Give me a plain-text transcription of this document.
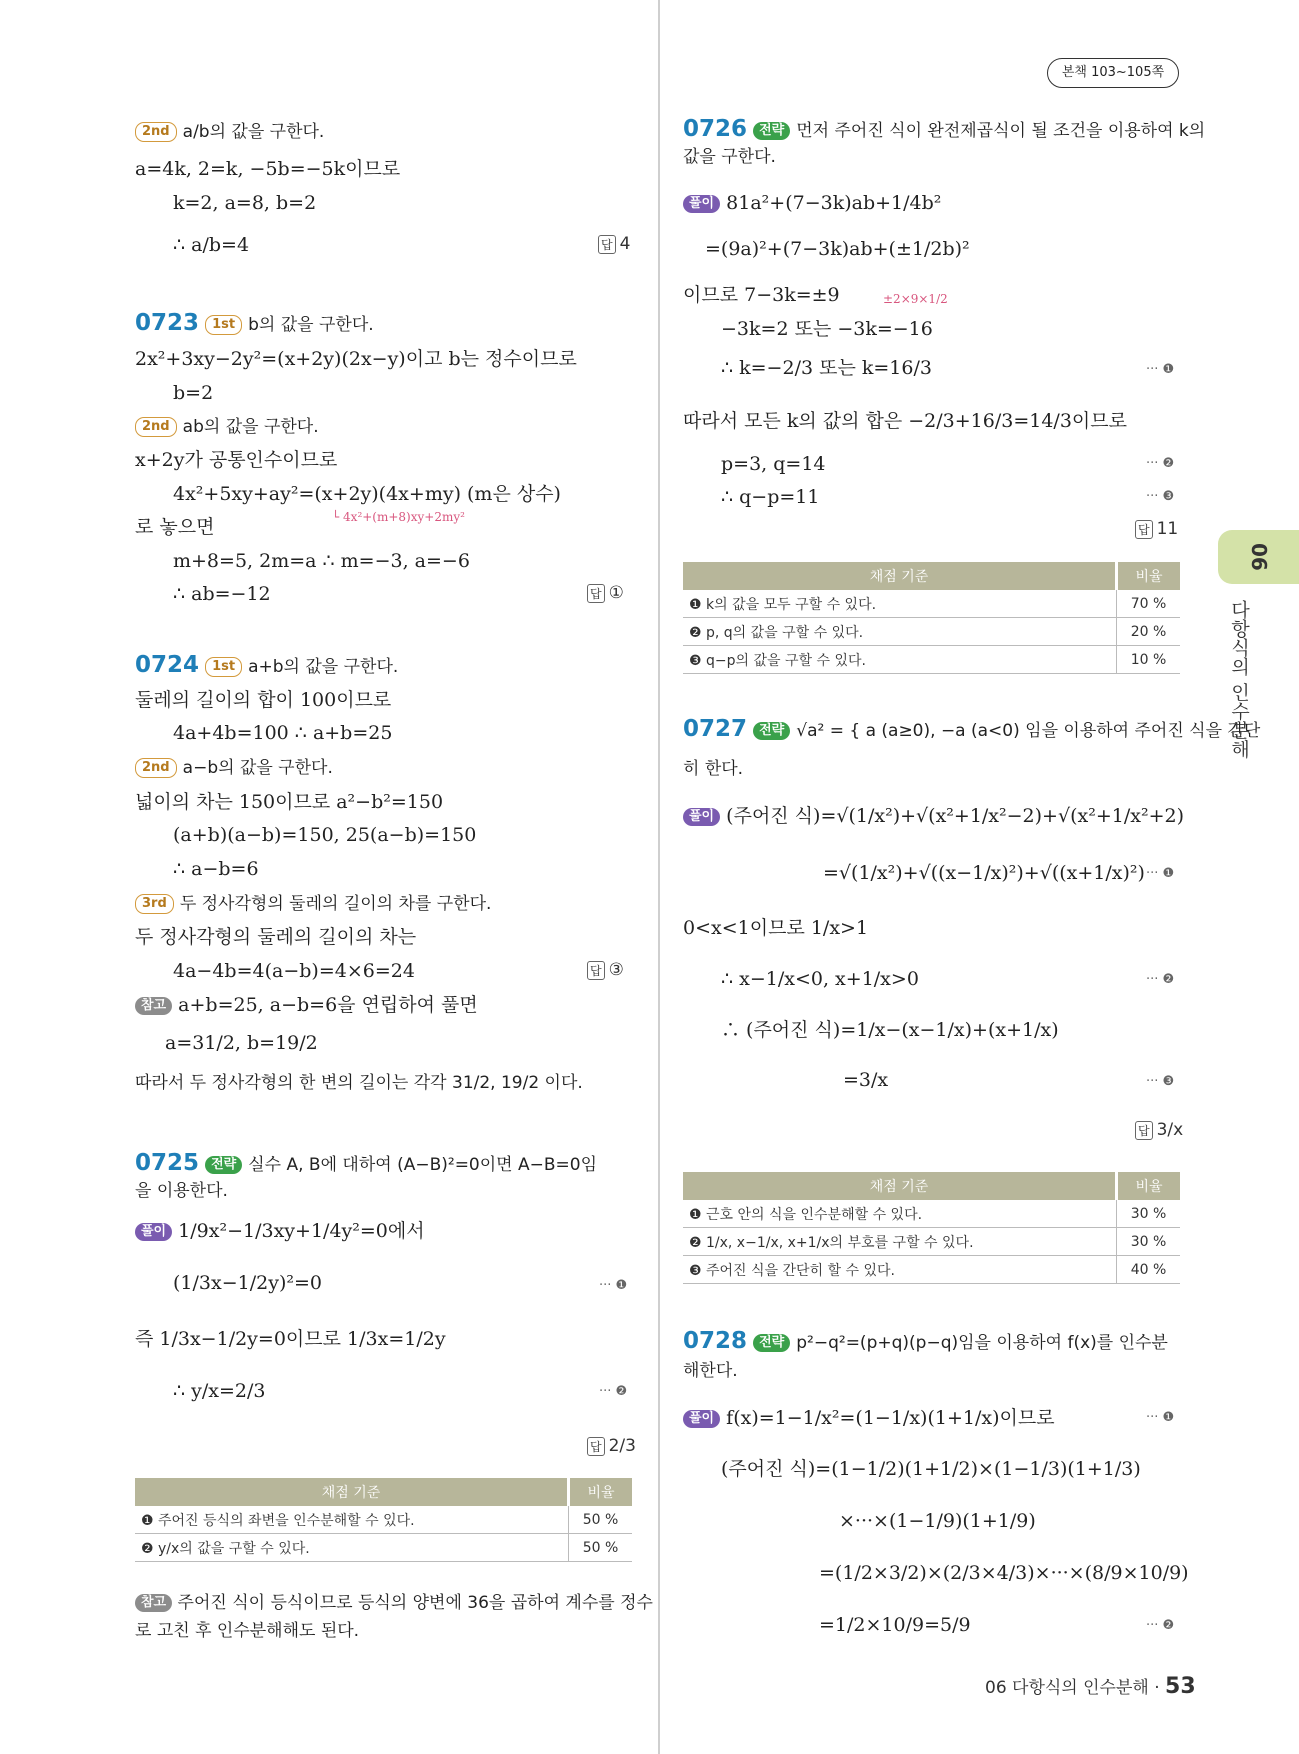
본책 103~105쪽
06
다항식의 인수분해
2nd a/b의 값을 구한다.
a=4k, 2=k, −5b=−5k이므로
k=2, a=8, b=2
∴ a/b=4	답 4
0723 1st b의 값을 구한다.
2x²+3xy−2y²=(x+2y)(2x−y)이고 b는 정수이므로
b=2
2nd ab의 값을 구한다.
x+2y가 공통인수이므로
4x²+5xy+ay²=(x+2y)(4x+my) (m은 상수)
└ 4x²+(m+8)xy+2my²
로 놓으면
m+8=5, 2m=a ∴ m=−3, a=−6
∴ ab=−12	답 ①
0724 1st a+b의 값을 구한다.
둘레의 길이의 합이 100이므로
4a+4b=100 ∴ a+b=25
2nd a−b의 값을 구한다.
넓이의 차는 150이므로 a²−b²=150
(a+b)(a−b)=150, 25(a−b)=150
∴ a−b=6
3rd 두 정사각형의 둘레의 길이의 차를 구한다.
두 정사각형의 둘레의 길이의 차는
4a−4b=4(a−b)=4×6=24	답 ③
참고 a+b=25, a−b=6을 연립하여 풀면
a=31/2, b=19/2
따라서 두 정사각형의 한 변의 길이는 각각 31/2, 19/2 이다.
0725 전략 실수 A, B에 대하여 (A−B)²=0이면 A−B=0임
을 이용한다.
풀이 1/9x²−1/3xy+1/4y²=0에서
(1/3x−1/2y)²=0	··· ❶
즉 1/3x−1/2y=0이므로 1/3x=1/2y
∴ y/x=2/3	··· ❷
답 2/3
채점 기준	비율
❶ 주어진 등식의 좌변을 인수분해할 수 있다.	50 %
❷ y/x의 값을 구할 수 있다.	50 %
참고 주어진 식이 등식이므로 등식의 양변에 36을 곱하여 계수를 정수
로 고친 후 인수분해해도 된다.
0726 전략 먼저 주어진 식이 완전제곱식이 될 조건을 이용하여 k의
값을 구한다.
풀이 81a²+(7−3k)ab+1/4b²
=(9a)²+(7−3k)ab+(±1/2b)²
이므로 7−3k=±9	±2×9×1/2
−3k=2 또는 −3k=−16
∴ k=−2/3 또는 k=16/3	··· ❶
따라서 모든 k의 값의 합은 −2/3+16/3=14/3이므로
p=3, q=14	··· ❷
∴ q−p=11	··· ❸
답 11
채점 기준	비율
❶ k의 값을 모두 구할 수 있다.	70 %
❷ p, q의 값을 구할 수 있다.	20 %
❸ q−p의 값을 구할 수 있다.	10 %
0727 전략 √a² = { a (a≥0), −a (a<0) 임을 이용하여 주어진 식을 간단
히 한다.
풀이 (주어진 식)=√(1/x²)+√(x²+1/x²−2)+√(x²+1/x²+2)
=√(1/x²)+√((x−1/x)²)+√((x+1/x)²) ··· ❶
0<x<1이므로 1/x>1
∴ x−1/x<0, x+1/x>0	··· ❷
∴ (주어진 식)=1/x−(x−1/x)+(x+1/x)
=3/x	··· ❸
답 3/x
채점 기준	비율
❶ 근호 안의 식을 인수분해할 수 있다.	30 %
❷ 1/x, x−1/x, x+1/x의 부호를 구할 수 있다.	30 %
❸ 주어진 식을 간단히 할 수 있다.	40 %
0728 전략 p²−q²=(p+q)(p−q)임을 이용하여 f(x)를 인수분
해한다.
풀이 f(x)=1−1/x²=(1−1/x)(1+1/x)이므로	··· ❶
(주어진 식)=(1−1/2)(1+1/2)×(1−1/3)(1+1/3)
×···×(1−1/9)(1+1/9)
=(1/2×3/2)×(2/3×4/3)×···×(8/9×10/9)
=1/2×10/9=5/9	··· ❷
06 다항식의 인수분해 · 53
